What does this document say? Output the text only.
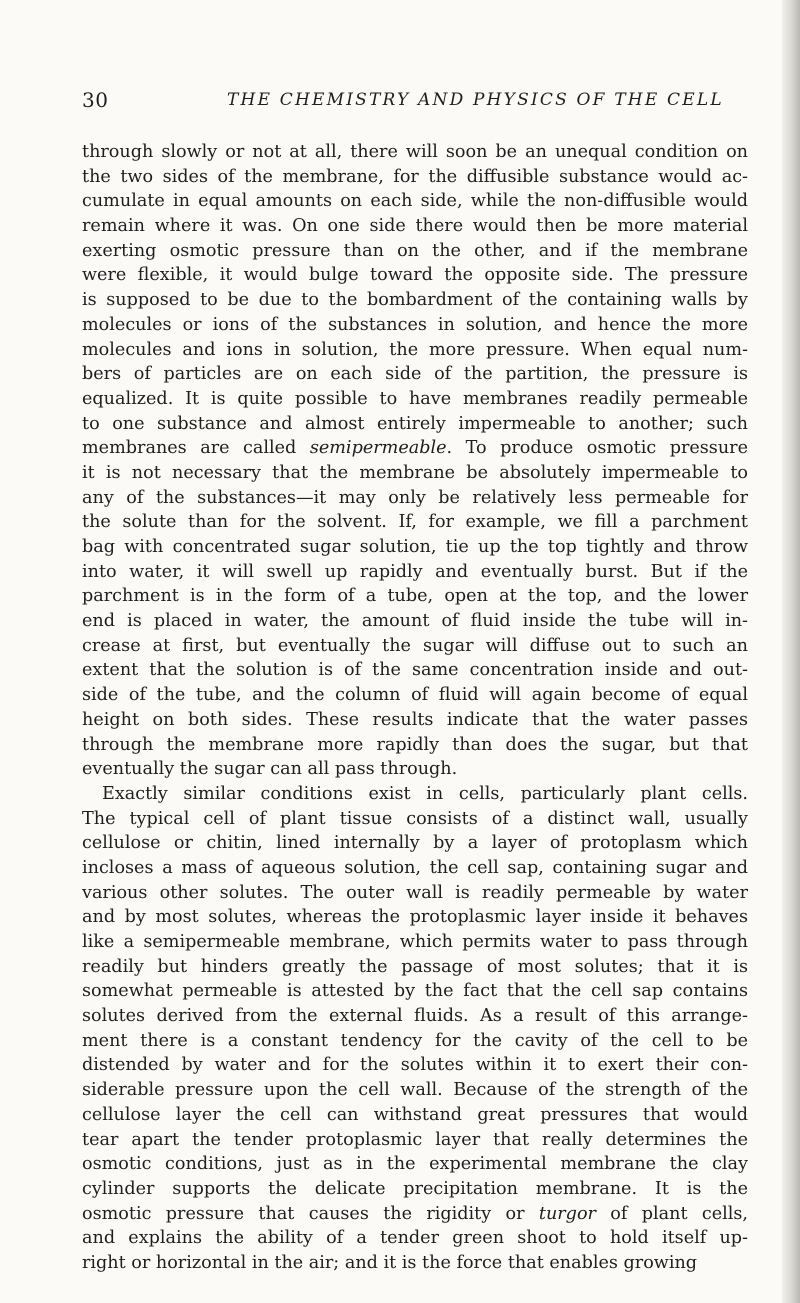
30	THE CHEMISTRY AND PHYSICS OF THE CELL
through slowly or not at all, there will soon be an unequal condition on
the two sides of the membrane, for the diffusible substance would ac-
cumulate in equal amounts on each side, while the non-diffusible would
remain where it was. On one side there would then be more material
exerting osmotic pressure than on the other, and if the membrane
were flexible, it would bulge toward the opposite side. The pressure
is supposed to be due to the bombardment of the containing walls by
molecules or ions of the substances in solution, and hence the more
molecules and ions in solution, the more pressure. When equal num-
bers of particles are on each side of the partition, the pressure is
equalized. It is quite possible to have membranes readily permeable
to one substance and almost entirely impermeable to another; such
membranes are called semipermeable. To produce osmotic pressure
it is not necessary that the membrane be absolutely impermeable to
any of the substances—it may only be relatively less permeable for
the solute than for the solvent. If, for example, we fill a parchment
bag with concentrated sugar solution, tie up the top tightly and throw
into water, it will swell up rapidly and eventually burst. But if the
parchment is in the form of a tube, open at the top, and the lower
end is placed in water, the amount of fluid inside the tube will in-
crease at first, but eventually the sugar will diffuse out to such an
extent that the solution is of the same concentration inside and out-
side of the tube, and the column of fluid will again become of equal
height on both sides. These results indicate that the water passes
through the membrane more rapidly than does the sugar, but that
eventually the sugar can all pass through.
Exactly similar conditions exist in cells, particularly plant cells.
The typical cell of plant tissue consists of a distinct wall, usually
cellulose or chitin, lined internally by a layer of protoplasm which
incloses a mass of aqueous solution, the cell sap, containing sugar and
various other solutes. The outer wall is readily permeable by water
and by most solutes, whereas the protoplasmic layer inside it behaves
like a semipermeable membrane, which permits water to pass through
readily but hinders greatly the passage of most solutes; that it is
somewhat permeable is attested by the fact that the cell sap contains
solutes derived from the external fluids. As a result of this arrange-
ment there is a constant tendency for the cavity of the cell to be
distended by water and for the solutes within it to exert their con-
siderable pressure upon the cell wall. Because of the strength of the
cellulose layer the cell can withstand great pressures that would
tear apart the tender protoplasmic layer that really determines the
osmotic conditions, just as in the experimental membrane the clay
cylinder supports the delicate precipitation membrane. It is the
osmotic pressure that causes the rigidity or turgor of plant cells,
and explains the ability of a tender green shoot to hold itself up-
right or horizontal in the air; and it is the force that enables growing
